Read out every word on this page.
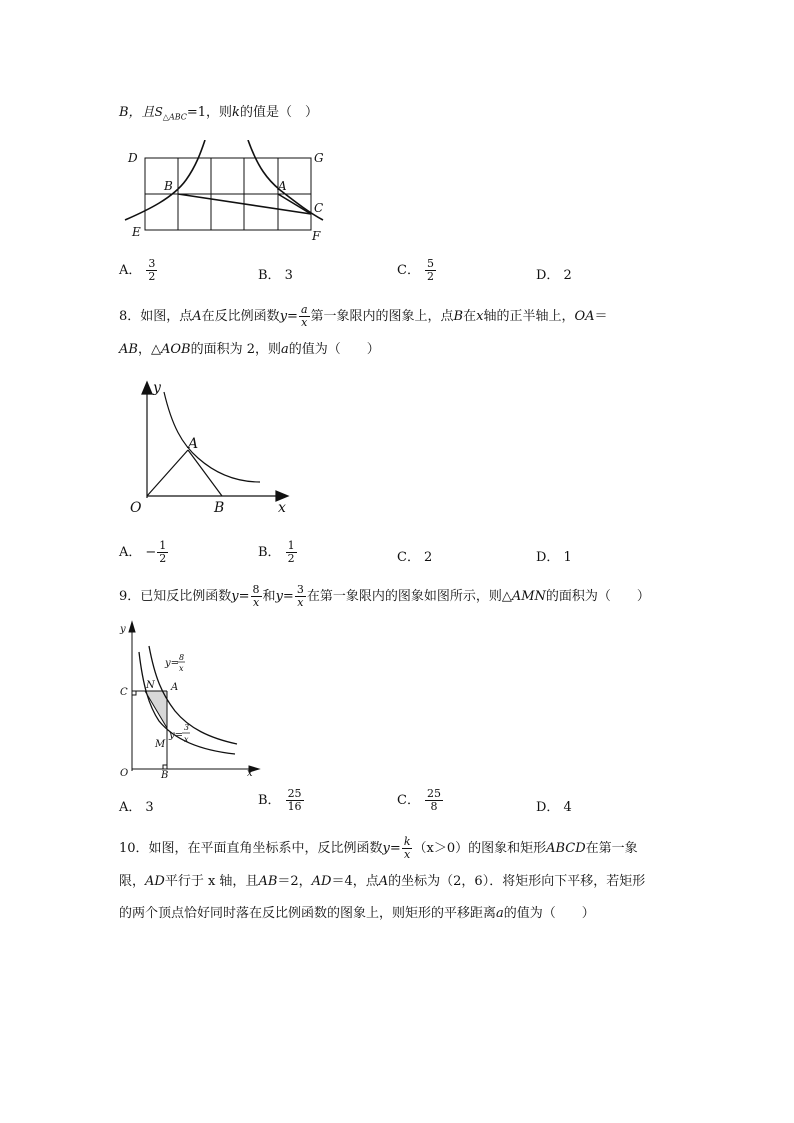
B，且$S_{\triangle ABC}=1$，则k的值是（　）
D	G
B	A
C
E	F
A． $\frac{3}{2}$	B． 3	C． $\frac{5}{2}$	D． 2
8．如图，点A在反比例函数$y= \frac{a}{x}$ 第一象限内的图象上，点B在x轴的正半轴上，OA＝
AB，△AOB的面积为 2，则a的值为（　　）
y
A
O	B	x
A． − $\frac{1}{2}$	B． $\frac{1}{2}$	C． 2	D． 1
9．已知反比例函数$y= \frac{8}{x}$ 和$y= \frac{3}{x}$ 在第一象限内的图象如图所示，则△AMN的面积为（　　）
y
y=
8
x
C
N A
y=
3
x
M
O	B	x
A． 3	B． $\frac{25}{16}$	C． $\frac{25}{8}$	D． 4
10．如图，在平面直角坐标系中，反比例函数$y= \frac{k}{x} (x>0)$的图象和矩形ABCD在第一象
限，AD平行于 x 轴，且AB＝2，AD＝4，点A的坐标为（2，6）．将矩形向下平移，若矩形
的两个顶点恰好同时落在反比例函数的图象上，则矩形的平移距离a的值为（　　）
